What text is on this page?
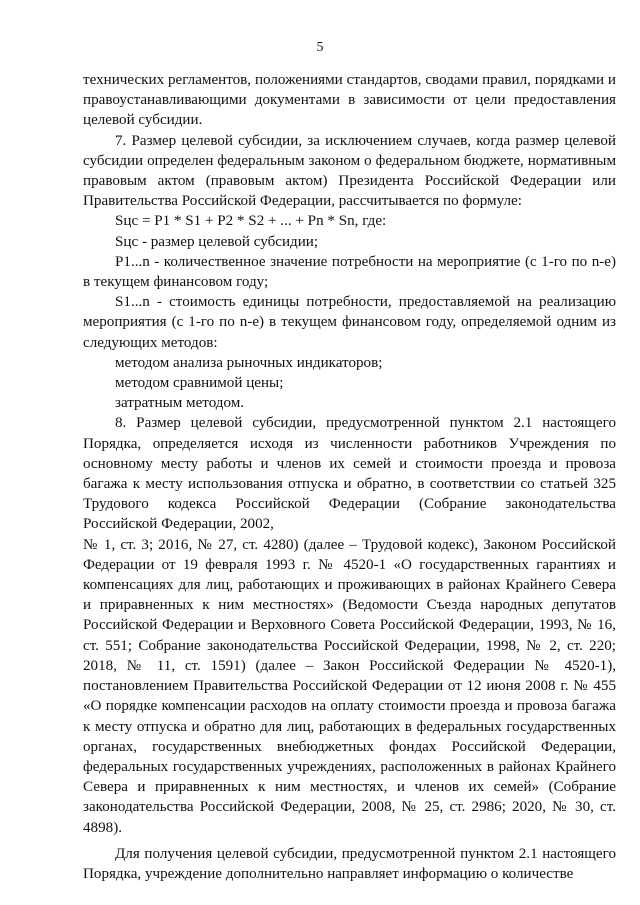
5

технических регламентов, положениями стандартов, сводами правил, порядками и правоустанавливающими документами в зависимости от цели предоставления целевой субсидии.

7. Размер целевой субсидии, за исключением случаев, когда размер целевой субсидии определен федеральным законом о федеральном бюджете, нормативным правовым актом (правовым актом) Президента Российской Федерации или Правительства Российской Федерации, рассчитывается по формуле:

Sцс = P1 * S1 + P2 * S2 + ... + Pn * Sn, где:

Sцс - размер целевой субсидии;

P1...n - количественное значение потребности на мероприятие (с 1-го по n-е) в текущем финансовом году;

S1...n - стоимость единицы потребности, предоставляемой на реализацию мероприятия (с 1-го по n-е) в текущем финансовом году, определяемой одним из следующих методов:

методом анализа рыночных индикаторов;

методом сравнимой цены;

затратным методом.

8. Размер целевой субсидии, предусмотренной пунктом 2.1 настоящего Порядка, определяется исходя из численности работников Учреждения по основному месту работы и членов их семей и стоимости проезда и провоза багажа к месту использования отпуска и обратно, в соответствии со статьей 325 Трудового кодекса Российской Федерации (Собрание законодательства Российской Федерации, 2002,

№ 1, ст. 3; 2016, № 27, ст. 4280) (далее – Трудовой кодекс), Законом Российской Федерации от 19 февраля 1993 г. № 4520-1 «О государственных гарантиях и компенсациях для лиц, работающих и проживающих в районах Крайнего Севера и приравненных к ним местностях» (Ведомости Съезда народных депутатов Российской Федерации и Верховного Совета Российской Федерации, 1993, № 16, ст. 551; Собрание законодательства Российской Федерации, 1998, № 2, ст. 220; 2018, № 11, ст. 1591) (далее – Закон Российской Федерации № 4520-1), постановлением Правительства Российской Федерации от 12 июня 2008 г. № 455 «О порядке компенсации расходов на оплату стоимости проезда и провоза багажа к месту отпуска и обратно для лиц, работающих в федеральных государственных органах, государственных внебюджетных фондах Российской Федерации, федеральных государственных учреждениях, расположенных в районах Крайнего Севера и приравненных к ним местностях, и членов их семей» (Собрание законодательства Российской Федерации, 2008, № 25, ст. 2986; 2020, № 30, ст. 4898).

Для получения целевой субсидии, предусмотренной пунктом 2.1 настоящего Порядка, учреждение дополнительно направляет информацию о количестве
